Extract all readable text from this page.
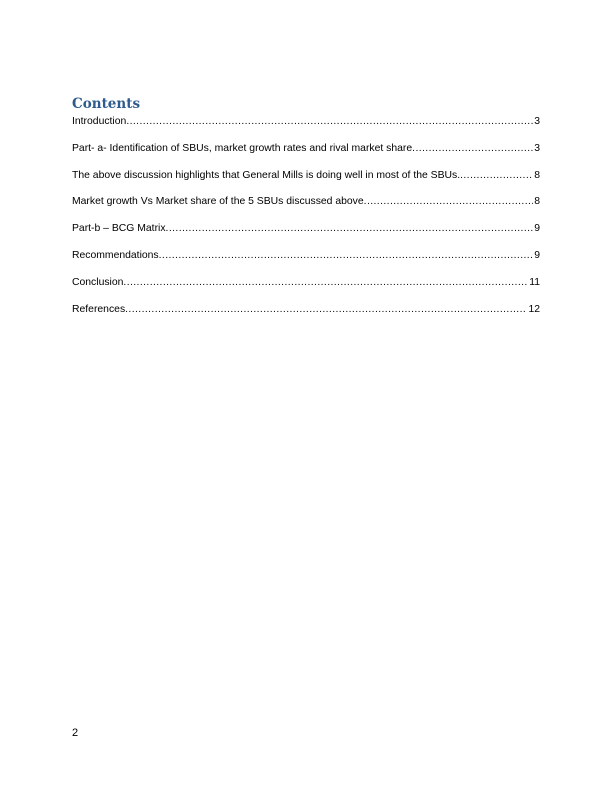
Contents
Introduction .....	3
Part- a- Identification of SBUs, market growth rates and rival market share .....	3
The above discussion highlights that General Mills is doing well in most of the SBUs. .....	8
Market growth Vs Market share of the 5 SBUs discussed above .....	8
Part-b – BCG Matrix .....	9
Recommendations .....	9
Conclusion .....	11
References .....	12
2
